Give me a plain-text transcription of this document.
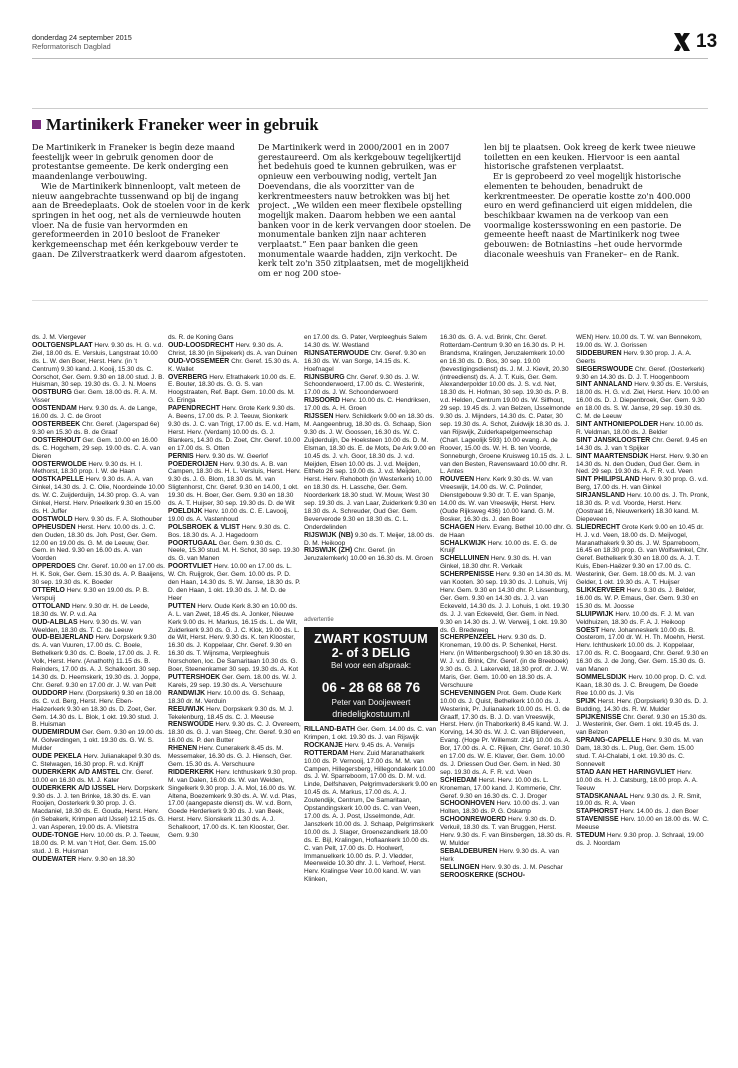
donderdag 24 september 2015
Reformatorisch Dagblad	13
Martinikerk Franeker weer in gebruik

De Martinikerk in Franeker is begin deze maand feestelijk weer in gebruik genomen door de protestantse gemeente. De kerk onderging een maandenlange verbouwing.

Wie de Martinikerk binnenloopt, valt meteen de nieuw aangebrachte tussenwand op bij de ingang aan de Breedeplaats. Ook de stoelen voor in de kerk springen in het oog, net als de vernieuwde houten vloer. Na de fusie van hervormden en gereformeerden in 2010 besloot de Franeker kerkgemeenschap met één kerkgebouw verder te gaan. De Zilverstraatkerk werd daarom afgestoten.

De Martinikerk werd in 2000/2001 en in 2007 gerestaureerd. Om als kerkgebouw tegelijkertijd het bedehuis goed te kunnen gebruiken, was er opnieuw een verbouwing nodig, vertelt Jan Doevendans, die als voorzitter van de kerkrentmeesters nauw betrokken was bij het project. „We wilden een meer flexibele opstelling mogelijk maken. Daarom hebben we een aantal banken voor in de kerk vervangen door stoelen. De monumentale banken zijn naar achteren verplaatst.” Een paar banken die geen monumentale waarde hadden, zijn verkocht. De kerk telt zo'n 350 zitplaatsen, met de mogelijkheid om er nog 200 stoe-

len bij te plaatsen. Ook kreeg de kerk twee nieuwe toiletten en een keuken. Hiervoor is een aantal historische grafstenen verplaatst.

Er is geprobeerd zo veel mogelijk historische elementen te behouden, benadrukt de kerkrentmeester. De operatie kostte zo'n 400.000 euro en werd gefinancierd uit eigen middelen, die beschikbaar kwamen na de verkoop van een voormalige kostersswoning en een pastorie. De gemeente heeft naast de Martinikerk nog twee gebouwen: de Botniastins –het oude hervormde diaconale weeshuis van Franeker– en de Rank.

ds. J. M. Viergever
OOLTGENSPLAAT Herv. 9.30 ds. H. G. v.d. Ziel, 18.00 ds. E. Versluis, Langstraat 10.00 ds. L. W. den Boer, Herst. Herv. (in ’t Centrum) 9.30 kand. J. Kooij, 15.30 ds. C. Oorschot, Ger. Gem. 9.30 en 18.00 stud. J. B. Huisman, 30 sep. 19.30 ds. G. J. N. Moens
OOSTBURG Ger. Gem. 18.00 ds. R. A. M. Visser
OOSTENDAM Herv. 9.30 ds. A. de Lange, 16.00 ds. J. C. de Groot
OOSTERBEEK Chr. Geref. (Jagerspad 6e) 9.30 en 15.30 ds. B. de Graaf
OOSTERHOUT Ger. Gem. 10.00 en 16.00 ds. C. Hogchem, 29 sep. 19.00 ds. C. A. van Dieren
OOSTERWOLDE Herv. 9.30 ds. H. I. Methorst, 18.30 prop. I. W. de Haan
OOSTKAPELLE Herv. 9.30 ds. A. A. van Ginkel, 14.30 ds. J. C. Olie, Noordeinde 10.00 ds. W. C. Zuijderduijn, 14.30 prop. G. A. van Ginkel, Herst. Herv. Prieelkerk 9.30 en 15.00 ds. H. Juffer
OOSTWOLD Herv. 9.30 ds. F. A. Slothouber
OPHEUSDEN Herst. Herv. 10.00 ds. J. C. den Ouden, 18.30 ds. Joh. Post, Ger. Gem. 12.00 en 19.00 ds. G. M. de Leeuw, Ger. Gem. in Ned. 9.30 en 16.00 ds. A. van Voorden
OPPERDOES Chr. Geref. 10.00 en 17.00 ds. H. K. Sok, Ger. Gem. 15.30 ds. A. P. Baaijens, 30 sep. 19.30 ds. K. Boeder
OTTERLO Herv. 9.30 en 19.00 ds. P. B. Verspuij
OTTOLAND Herv. 9.30 dr. H. de Leede, 18.30 ds. W. P. v.d. Aa
OUD-ALBLAS Herv. 9.30 ds. W. van Weelden, 18.30 ds. T. C. de Leeuw
OUD-BEIJERLAND Herv. Dorpskerk 9.30 ds. A. van Vuuren, 17.00 ds. C. Boele, Bethelkerk 9.30 ds. C. Boele, 17.00 ds. J. R. Volk, Herst. Herv. (Anathoth) 11.15 ds. B. Reinders, 17.00 ds. A. J. Schalkoort. 30 sep. 14.30 ds. D. Heemskerk, 19.30 ds. J. Joppe, Chr. Geref. 9.30 en 17.00 dr. J. W. van Pelt
OUDDORP Herv. (Dorpskerk) 9.30 en 18.00 ds. C. v.d. Berg, Herst. Herv. Eben-Haëzerkerk 9.30 en 18.30 ds. D. Zoet, Ger. Gem. 14.30 ds. L. Blok, 1 okt. 19.30 stud. J. B. Huisman
OUDEMIRDUM Ger. Gem. 9.30 en 19.00 ds. M. Golverdingen, 1 okt. 19.30 ds. G. W. S. Mulder
OUDE PEKELA Herv. Julianakapel 9.30 ds. C. Stelwagen, 16.30 prop. R. v.d. Knijff
OUDERKERK A/D AMSTEL Chr. Geref. 10.00 en 16.30 ds. M. J. Kater
OUDERKERK A/D IJSSEL Herv. Dorpskerk 9.30 ds. J. J. ten Brinke, 18.30 ds. E. van Rooijen, Oosterkerk 9.30 prop. J. G. Macdaniel, 18.30 ds. E. Gouda, Herst. Herv. (in Sebakerk, Krimpen a/d IJssel) 12.15 ds. G. J. van Asperen, 19.00 ds. A. Vlietstra
OUDE-TONGE Herv. 10.00 ds. P. J. Teeuw, 18.00 ds. P. M. van ’t Hof, Ger. Gem. 15.00 stud. J. B. Huisman
OUDEWATER Herv. 9.30 en 18.30
ds. R. de Koning Gans
OUD-LOOSDRECHT Herv. 9.30 ds. A. Christ, 18.30 (in Sijpekerk) ds. A. van Duinen
OUD-VOSSEMEER Chr. Geref. 15.30 ds. A. K. Wallet
OVERBERG Herv. Efrathakerk 10.00 ds. E. E. Bouter, 18.30 ds. G. G. S. van Hoogstraaten, Ref. Bapt. Gem. 10.00 ds. M. G. Eringa
PAPENDRECHT Herv. Grote Kerk 9.30 ds. A. Beens, 17.00 ds. P. J. Teeuw, Sionkerk 9.30 ds. J. C. van Trigt, 17.00 ds. E. v.d. Ham, Herst. Herv. (Verdam) 10.00 ds. G. J. Blankers, 14.30 ds. D. Zoet, Chr. Geref. 10.00 en 17.00 ds. S. Otten
PERNIS Herv. 9.30 ds. W. Geerlof
POEDEROIJEN Herv. 9.30 ds. A. B. van Campen, 18.30 ds. H. L. Versluis, Herst. Herv. 9.30 ds. J. G. Blom, 18.30 ds. M. van Sligtenhorst, Chr. Geref. 9.30 en 14.00, 1 okt. 19.30 ds. H. Boer, Ger. Gem. 9.30 en 18.30 ds. A. T. Huijser, 30 sep. 19.30 ds. D. de Wit
POELDIJK Herv. 10.00 ds. C. E. Lavooij, 19.00 ds. A. Vastenhoud
POLSBROEK & VLIST Herv. 9.30 ds. C. Bos. 18.30 ds. A. J. Hagedoorn
POORTUGAAL Ger. Gem. 9.30 ds. C. Neele, 15.30 stud. M. H. Schot, 30 sep. 19.30 ds. G. van Manen
POORTVLIET Herv. 10.00 en 17.00 ds. L. W. Ch. Ruijgrok, Ger. Gem. 10.00 ds. P. D. den Haan, 14.30 ds. S. W. Janse, 18.30 ds. P. D. den Haan, 1 okt. 19.30 ds. J. M. D. de Heer
PUTTEN Herv. Oude Kerk 8.30 en 10.00 ds. A. L. van Zwet, 18.45 ds. A. Jonker, Nieuwe Kerk 9.00 ds. H. Markus, 16.15 ds. L. de Wit, Zuiderkerk 9.30 ds. G. J. C. Klok, 19.00 ds. L. de Wit, Herst. Herv. 9.30 ds. K. ten Klooster, 16.30 ds. J. Koppelaar, Chr. Geref. 9.30 en 16.30 ds. T. Wijnsma, Verpleeghuis Norschoten, loc. De Samaritaan 10.30 ds. G. Boer, Steenenkamer 30 sep. 19.30 ds. A. Kot
PUTTERSHOEK Ger. Gem. 18.00 ds. W. J. Karels, 29 sep. 19.30 ds. A. Verschuure
RANDWIJK Herv. 10.00 ds. G. Schaap, 18.30 dr. M. Verduin
REEUWIJK Herv. Dorpskerk 9.30 ds. M. J. Tekelenburg, 18.45 ds. C. J. Meeuse
RENSWOUDE Herv. 9.30 ds. C. J. Overeem, 18.30 ds. G. J. van Steeg, Chr. Geref. 9.30 en 16.00 ds. P. den Butter
RHENEN Herv. Cunerakerk 8.45 ds. M. Messemaker, 16.30 ds. G. J. Hiensch, Ger. Gem. 15.30 ds. A. Verschuure
RIDDERKERK Herv. Ichthuskerk 9.30 prop. M. van Dalen, 16.00 ds. W. van Welden, Singelkerk 9.30 prop. J. A. Mol, 16.00 ds. W. Altena, Boezemkerk 9.30 ds. A. W. v.d. Plas, 17.00 (aangepaste dienst) ds. W. v.d. Born, Goede Herderkerk 9.30 ds. J. van Beek, Herst. Herv. Sionskerk 11.30 ds. A. J. Schalkoort, 17.00 ds. K. ten Klooster, Ger. Gem. 9.30
en 17.00 ds. G. Pater, Verpleeghuis Salem 14.30 ds. W. Westland
RIJNSATERWOUDE Chr. Geref. 9.30 en 16.30 ds. W. van Sorge, 14.15 ds. K. Hoefnagel
RIJNSBURG Chr. Geref. 9.30 ds. J. W. Schoonderwoerd, 17.00 ds. C. Westerink, 17.00 ds. J. W. Schoonderwoerd
RIJSOORD Herv. 10.00 ds. C. Hendriksen, 17.00 ds. A. H. Groen
RIJSSEN Herv. Schildkerk 9.00 en 18.30 ds. M. Aangeenbrug, 18.30 ds. G. Schaap, Sion 9.30 ds. J. W. Goossen, 16.30 ds. W. C. Zuijderduijn, De Hoeksteen 10.00 ds. D. M. Elsman, 18.30 ds. E. de Mots, De Ark 9.00 en 10.45 ds. J. v.h. Goor, 18.30 ds. J. v.d. Meijden, Elsen 10.00 ds. J. v.d. Meijden, Eltheto 26 sep. 19.00 ds. J. v.d. Meijden, Herst. Herv. Rehoboth (in Westerkerk) 10.00 en 18.30 ds. H. Lassche, Ger. Gem. Noorderkerk 18.30 stud. W. Mouw, West 30 sep. 19.30 ds. J. van Laar, Zuiderkerk 9.30 en 18.30 ds. A. Schreuder, Oud Ger. Gem. Beververode 9.30 en 18.30 ds. C. L. Onderdelinden
RIJSWIJK (NB) 9.30 ds. T. Meijer, 18.00 ds. D. M. Heikoop
RIJSWIJK (ZH) Chr. Geref. (in Jeruzalemkerk) 10.00 en 16.30 ds. M. Groen
RILLAND-BATH Ger. Gem. 14.00 ds. C. van Krimpen, 1 okt. 19.30 ds. J. van Rijswijk
ROCKANJE Herv. 9.45 ds. A. Verwijs
ROTTERDAM Herv. Zuid Maranathakerk 10.00 ds. P. Vernooij, 17.00 ds. M. M. van Campen, Hillegersberg, Hillegondakerk 10.00 ds. J. W. Sparreboom, 17.00 ds. D. M. v.d. Linde, Delfshaven, Pelgrimvaderskerk 9.00 en 10.45 ds. A. Markus, 17.00 ds. A. J. Zoutendijk, Centrum, De Samaritaan, Opstandingskerk 10.00 ds. C. van Veen, 17.00 ds. A. J. Post, IJsselmonde, Adr. Janszkerk 10.00 ds. J. Schaap, Pelgrimskerk 10.00 ds. J. Slager, Groenezandkerk 18.00 ds. E. Bijl, Kralingen, Hoflaankerk 10.00 ds. C. van Pelt, 17.00 ds. D. Hoolwerf, Immanuelkerk 10.00 ds. P. J. Vledder, Meerweide 10.30 dhr. J. L. Verhoef, Herst. Herv. Kralingse Veer 10.00 kand. W. van Klinken,
16.30 ds. G. A. v.d. Brink, Chr. Geref. Rotterdam-Centrum 9.30 en 16.30 ds. P. H. Brandsma, Kralingen, Jeruzalemkerk 10.00 en 16.30 ds. D. Bos, 30 sep. 19.00 (bevestigingsdienst) ds. J. M. J. Kievit, 20.30 (intreedienst) ds. A. J. T. Kuis, Ger. Gem. Alexanderpolder 10.00 ds. J. S. v.d. Net, 18.30 ds. H. Hofman, 30 sep. 19.30 ds. P. B. v.d. Helden, Centrum 19.00 ds. W. Silfhout, 29 sep. 19.45 ds. J. van Belzen, IJsselmonde 9.30 ds. J. Mijnders, 14.30 ds. C. Pater, 30 sep. 19.30 ds. A. Schot, Zuidwijk 18.30 ds. J. van Rijswijk, Zuiderkapelgemeenschap (Charl. Lageolijk 593) 10.00 evang. A. de Roover, 15.00 ds. W. H. B. ten Voorde, Sonneburgh, Groene Kruisweg 10.15 ds. J. L. van den Besten, Ravenswaard 10.00 dhr. R. L. Antes
ROUVEEN Herv. Kerk 9.30 ds. W. van Vreeswijk, 14.00 ds. W. C. Polinder, Dienstgebouw 9.30 dr. T. E. van Spanje, 14.00 ds. W. van Vreeswijk, Herst. Herv. (Oude Rijksweg 436) 10.00 kand. G. M. Bosker, 16.30 ds. J. den Boer
SCHAGEN Herv. Evang. Bethel 10.00 dhr. G. de Haan
SCHALKWIJK Herv. 10.00 ds. E. G. de Kruijf
SCHELLUINEN Herv. 9.30 ds. H. van Ginkel, 18.30 dhr. R. Verkaik
SCHERPENISSE Herv. 9.30 en 14.30 ds. M. van Kooten. 30 sep. 19.30 ds. J. Lohuis, Vrij Herv. Gem. 9.30 en 14.30 dhr. P. Lissenburg, Ger. Gem. 9.30 en 14.30 ds. J. J. van Eckeveld, 14.30 ds. J. J. Lohuis, 1 okt. 19.30 ds. J. J. van Eckeveld, Ger. Gem. in Ned. 9.30 en 14.30 ds. J. W. Verweij, 1 okt. 19.30 ds. G. Bredeweg
SCHERPENZEEL Herv. 9.30 ds. D. Kroneman, 19.00 ds. P. Schenkel, Herst. Herv. (in Wittenbergschool) 9.30 en 18.30 ds. W. J. v.d. Brink, Chr. Geref. (in de Breeboek) 9.30 ds. G. J. Lakerveld, 18.30 prof. dr. J. W. Maris, Ger. Gem. 10.00 en 18.30 ds. A. Verschuure
SCHEVENINGEN Prot. Gem. Oude Kerk 10.00 ds. J. Quist, Bethelkerk 10.00 ds. J. Westerink, Pr. Julianakerk 10.00 ds. H. G. de Graaff, 17.30 ds. B. J. D. van Vreeswijk, Herst. Herv. (in Thaborkerk) 8.45 kand. W. J. Korving, 14.30 ds. W. J. C. van Blijderveen, Evang. (Hoge Pr. Willemstr. 214) 10.00 ds. A. Bor, 17.00 ds. A. C. Rijken, Chr. Geref. 10.30 en 17.00 ds. W. E. Klaver, Ger. Gem. 10.00 ds. J. Driessen Oud Ger. Gem. in Ned. 30 sep. 19.30 ds. A. F. R. v.d. Veen
SCHIEDAM Herst. Herv. 10.00 ds. L. Kroneman, 17.00 kand. J. Kommerie, Chr. Geref. 9.30 en 16.30 ds. C. J. Droger
SCHOONHOVEN Herv. 10.00 ds. J. van Holten, 18.30 ds. P. G. Oskamp
SCHOONREWOERD Herv. 9.30 ds. D. Verkuil, 18.30 ds. T. van Bruggen, Herst. Herv. 9.30 ds. F. van Binsbergen, 18.30 ds. R. W. Mulder
SEBALDEBUREN Herv. 9.30 ds. A. van Herk
SELLINGEN Herv. 9.30 ds. J. M. Peschar
SEROOSKERKE (SCHOU-
WEN) Herv. 10.00 ds. T. W. van Bennekom, 19.00 ds. W. J. Gorissen
SIDDEBUREN Herv. 9.30 prop. J. A. A. Geerts
SIEGERSWOUDE Chr. Geref. (Oosterkerk) 9.30 en 14.30 ds. D. J. T. Hoogenboom
SINT ANNALAND Herv. 9.30 ds. E. Versluis, 18.00 ds. H. G. v.d. Ziel, Herst. Herv. 10.00 en 16.00 ds. D. J. Diepenbroek, Ger. Gem. 9.30 en 18.00 ds. S. W. Janse, 29 sep. 19.30 ds. C. M. de Leeuw
SINT ANTHONIEPOLDER Herv. 10.00 ds. R. Veldman, 18.00 ds. J. Belder
SINT JANSKLOOSTER Chr. Geref. 9.45 en 14.30 ds. J. van ’t Spijker
SINT MAARTENSDIJK Herst. Herv. 9.30 en 14.30 ds. N. den Ouden, Oud Ger. Gem. in Ned. 29 sep. 19.30 ds. A. F. R. v.d. Veen
SINT PHILIPSLAND Herv. 9.30 prop. G. v.d. Berg, 17.00 ds. H. van Ginkel
SIRJANSLAND Herv. 10.00 ds. J. Th. Pronk, 18.30 ds. P. v.d. Voorde, Herst. Herv. (Oostraat 16, Nieuwerkerk) 18.30 kand. M. Diepeveen
SLIEDRECHT Grote Kerk 9.00 en 10.45 dr. H. J. v.d. Veen, 18.00 ds. D. Meijvogel, Maranathakerk 9.30 ds. J. W. Sparreboom, 16.45 en 18.30 prop. G. van Wolfswinkel, Chr. Geref. Bethelkerk 9.30 en 18.00 ds. A. J. T. Kuis, Eben-Haëzer 9.30 en 17.00 ds. C. Westerink, Ger. Gem. 18.00 ds. M. J. van Gelder, 1 okt. 19.30 ds. A. T. Huijser
SLIKKERVEER Herv. 9.30 ds. J. Belder, 16.00 ds. W. P. Emaus, Ger. Gem. 9.30 en 15.30 ds. M. Joosse
SLUIPWIJK Herv. 10.00 ds. F. J. M. van Veldhuizen, 18.30 ds. F. A. J. Heikoop
SOEST Herv. Johanneskerk 10.00 ds. B. Oosterom, 17.00 dr. W. H. Th. Moehn, Herst. Herv. Ichthuskerk 10.00 ds. J. Koppelaar, 17.00 ds. R. C. Boogaard, Chr. Geref. 9.30 en 16.30 ds. J. de Jong, Ger. Gem. 15.30 ds. G. van Manen
SOMMELSDIJK Herv. 10.00 prop. D. C. v.d. Kaan, 18.30 ds. J. C. Breugem, De Goede Ree 10.00 ds. J. Vis
SPIJK Herst. Herv. (Dorpskerk) 9.30 ds. D. J. Budding, 14.30 ds. R. W. Mulder
SPIJKENISSE Chr. Geref. 9.30 en 15.30 ds. J. Westerink, Ger. Gem. 1 okt. 19.45 ds. J. van Belzen
SPRANG-CAPELLE Herv. 9.30 ds. M. van Dam, 18.30 ds. L. Plug, Ger. Gem. 15.00 stud. T. Al-Chalabi, 1 okt. 19.30 ds. C. Sonnevelt
STAD AAN HET HARINGVLIET Herv. 10.00 ds. H. J. Catsburg, 18.00 prop. A. A. Teeuw
STADSKANAAL Herv. 9.30 ds. J. R. Smit, 19.00 ds. R. A. Veen
STAPHORST Herv. 14.00 ds. J. den Boer
STAVENISSE Herv. 10.00 en 18.00 ds. W. C. Meeuse
STEDUM Herv. 9.30 prop. J. Schraal, 19.00 ds. J. Noordam
advertentie
ZWART KOSTUUM
2- of 3 DELIG
Bel voor een afspraak:
06 - 28 68 68 76
Peter van Dooijeweert
driedeligkostuum.nl
